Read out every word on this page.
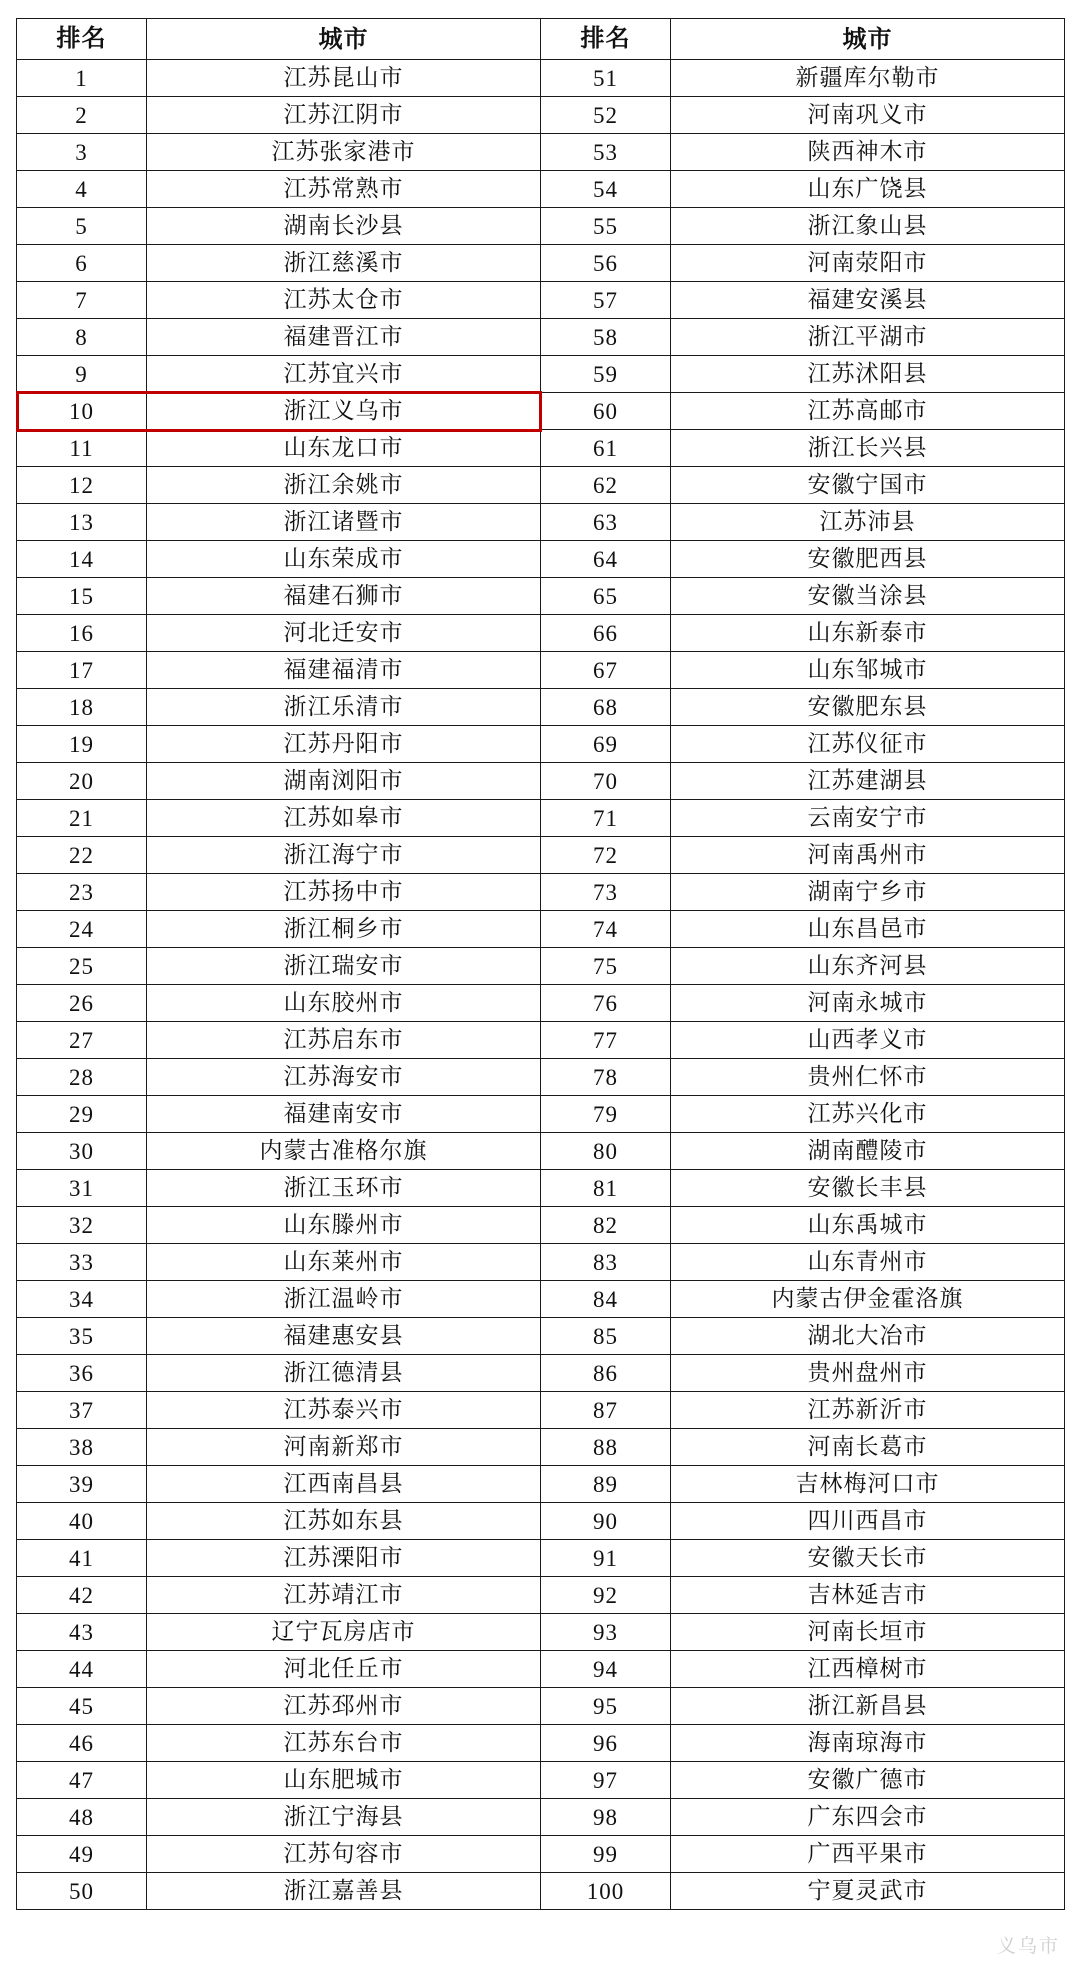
排名	城市	排名	城市
1	江苏昆山市	51	新疆库尔勒市
2	江苏江阴市	52	河南巩义市
3	江苏张家港市	53	陕西神木市
4	江苏常熟市	54	山东广饶县
5	湖南长沙县	55	浙江象山县
6	浙江慈溪市	56	河南荥阳市
7	江苏太仓市	57	福建安溪县
8	福建晋江市	58	浙江平湖市
9	江苏宜兴市	59	江苏沭阳县
10	浙江义乌市	60	江苏高邮市
11	山东龙口市	61	浙江长兴县
12	浙江余姚市	62	安徽宁国市
13	浙江诸暨市	63	江苏沛县
14	山东荣成市	64	安徽肥西县
15	福建石狮市	65	安徽当涂县
16	河北迁安市	66	山东新泰市
17	福建福清市	67	山东邹城市
18	浙江乐清市	68	安徽肥东县
19	江苏丹阳市	69	江苏仪征市
20	湖南浏阳市	70	江苏建湖县
21	江苏如皋市	71	云南安宁市
22	浙江海宁市	72	河南禹州市
23	江苏扬中市	73	湖南宁乡市
24	浙江桐乡市	74	山东昌邑市
25	浙江瑞安市	75	山东齐河县
26	山东胶州市	76	河南永城市
27	江苏启东市	77	山西孝义市
28	江苏海安市	78	贵州仁怀市
29	福建南安市	79	江苏兴化市
30	内蒙古准格尔旗	80	湖南醴陵市
31	浙江玉环市	81	安徽长丰县
32	山东滕州市	82	山东禹城市
33	山东莱州市	83	山东青州市
34	浙江温岭市	84	内蒙古伊金霍洛旗
35	福建惠安县	85	湖北大冶市
36	浙江德清县	86	贵州盘州市
37	江苏泰兴市	87	江苏新沂市
38	河南新郑市	88	河南长葛市
39	江西南昌县	89	吉林梅河口市
40	江苏如东县	90	四川西昌市
41	江苏溧阳市	91	安徽天长市
42	江苏靖江市	92	吉林延吉市
43	辽宁瓦房店市	93	河南长垣市
44	河北任丘市	94	江西樟树市
45	江苏邳州市	95	浙江新昌县
46	江苏东台市	96	海南琼海市
47	山东肥城市	97	安徽广德市
48	浙江宁海县	98	广东四会市
49	江苏句容市	99	广西平果市
50	浙江嘉善县	100	宁夏灵武市
义乌市
